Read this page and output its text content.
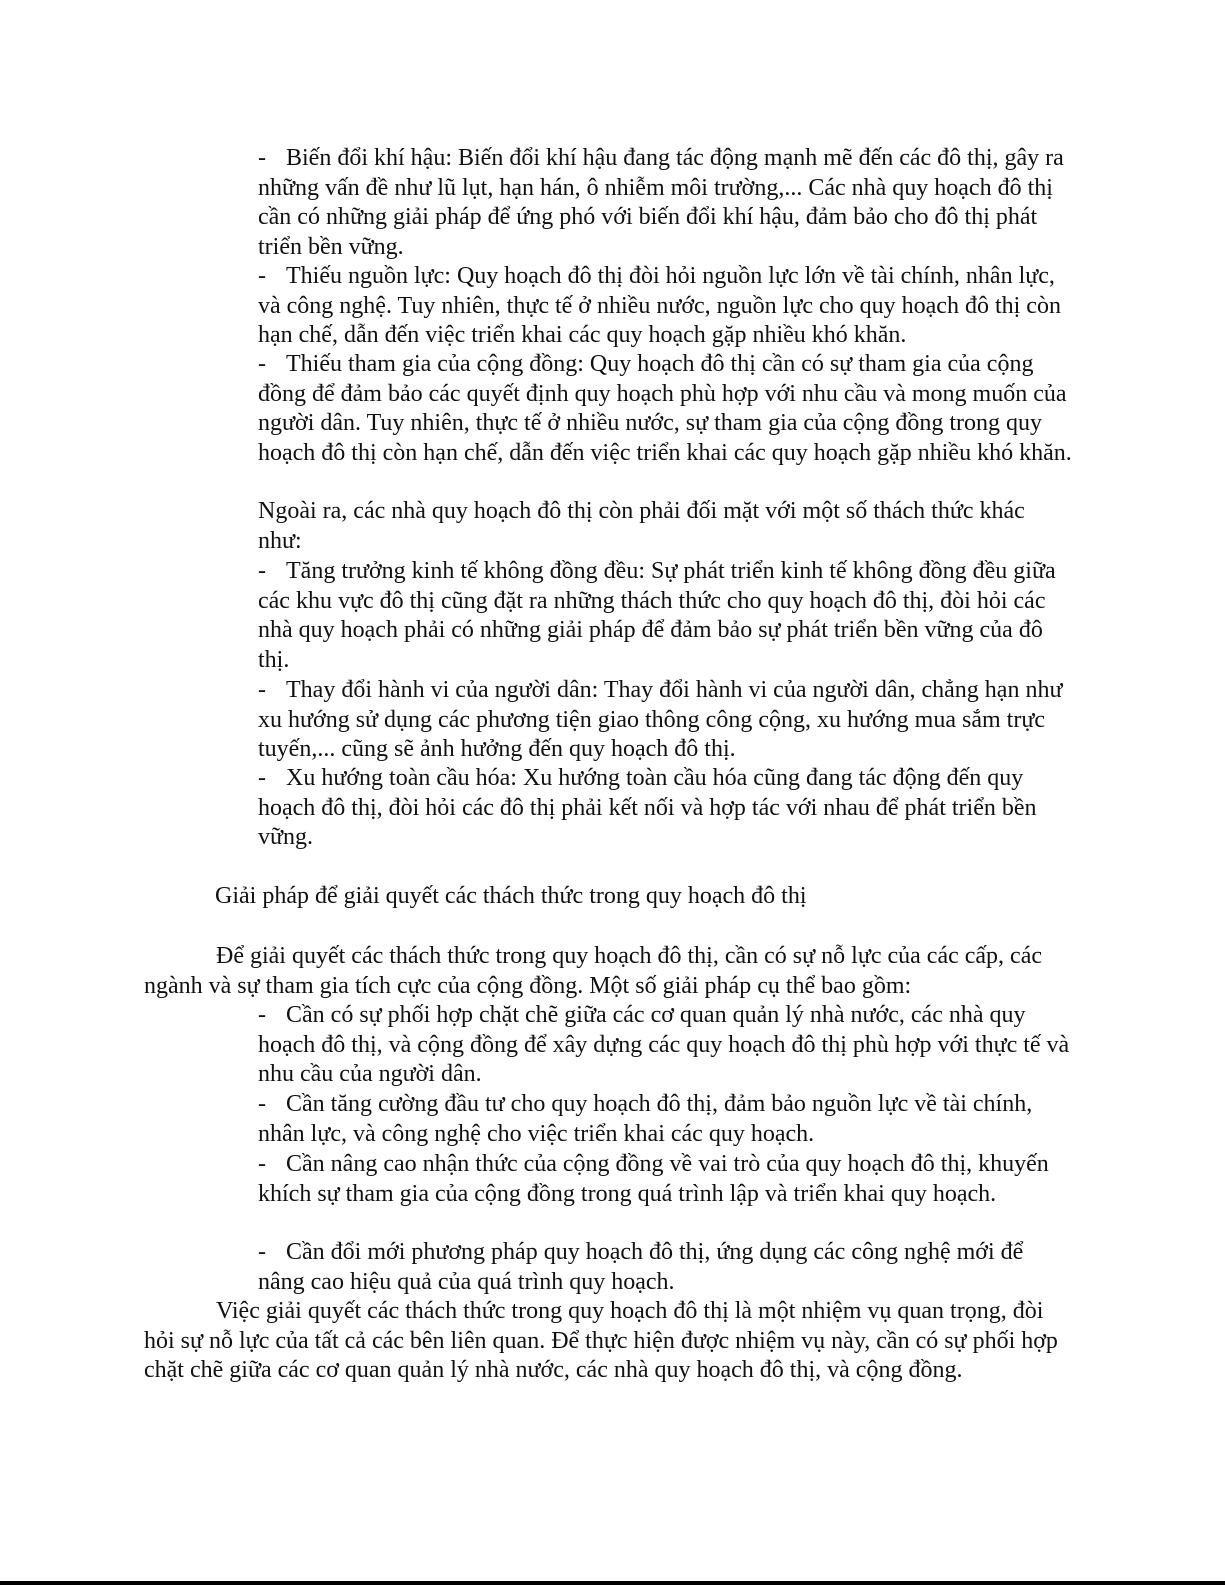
- Biến đổi khí hậu: Biến đổi khí hậu đang tác động mạnh mẽ đến các đô thị, gây ra những vấn đề như lũ lụt, hạn hán, ô nhiễm môi trường,... Các nhà quy hoạch đô thị cần có những giải pháp để ứng phó với biến đổi khí hậu, đảm bảo cho đô thị phát triển bền vững.
- Thiếu nguồn lực: Quy hoạch đô thị đòi hỏi nguồn lực lớn về tài chính, nhân lực, và công nghệ. Tuy nhiên, thực tế ở nhiều nước, nguồn lực cho quy hoạch đô thị còn hạn chế, dẫn đến việc triển khai các quy hoạch gặp nhiều khó khăn.
- Thiếu tham gia của cộng đồng: Quy hoạch đô thị cần có sự tham gia của cộng đồng để đảm bảo các quyết định quy hoạch phù hợp với nhu cầu và mong muốn của người dân. Tuy nhiên, thực tế ở nhiều nước, sự tham gia của cộng đồng trong quy hoạch đô thị còn hạn chế, dẫn đến việc triển khai các quy hoạch gặp nhiều khó khăn.
Ngoài ra, các nhà quy hoạch đô thị còn phải đối mặt với một số thách thức khác như:
- Tăng trưởng kinh tế không đồng đều: Sự phát triển kinh tế không đồng đều giữa các khu vực đô thị cũng đặt ra những thách thức cho quy hoạch đô thị, đòi hỏi các nhà quy hoạch phải có những giải pháp để đảm bảo sự phát triển bền vững của đô thị.
- Thay đổi hành vi của người dân: Thay đổi hành vi của người dân, chẳng hạn như xu hướng sử dụng các phương tiện giao thông công cộng, xu hướng mua sắm trực tuyến,... cũng sẽ ảnh hưởng đến quy hoạch đô thị.
- Xu hướng toàn cầu hóa: Xu hướng toàn cầu hóa cũng đang tác động đến quy hoạch đô thị, đòi hỏi các đô thị phải kết nối và hợp tác với nhau để phát triển bền vững.
Giải pháp để giải quyết các thách thức trong quy hoạch đô thị
Để giải quyết các thách thức trong quy hoạch đô thị, cần có sự nỗ lực của các cấp, các ngành và sự tham gia tích cực của cộng đồng. Một số giải pháp cụ thể bao gồm:
- Cần có sự phối hợp chặt chẽ giữa các cơ quan quản lý nhà nước, các nhà quy hoạch đô thị, và cộng đồng để xây dựng các quy hoạch đô thị phù hợp với thực tế và nhu cầu của người dân.
- Cần tăng cường đầu tư cho quy hoạch đô thị, đảm bảo nguồn lực về tài chính, nhân lực, và công nghệ cho việc triển khai các quy hoạch.
- Cần nâng cao nhận thức của cộng đồng về vai trò của quy hoạch đô thị, khuyến khích sự tham gia của cộng đồng trong quá trình lập và triển khai quy hoạch.
- Cần đổi mới phương pháp quy hoạch đô thị, ứng dụng các công nghệ mới để nâng cao hiệu quả của quá trình quy hoạch.
Việc giải quyết các thách thức trong quy hoạch đô thị là một nhiệm vụ quan trọng, đòi hỏi sự nỗ lực của tất cả các bên liên quan. Để thực hiện được nhiệm vụ này, cần có sự phối hợp chặt chẽ giữa các cơ quan quản lý nhà nước, các nhà quy hoạch đô thị, và cộng đồng.
